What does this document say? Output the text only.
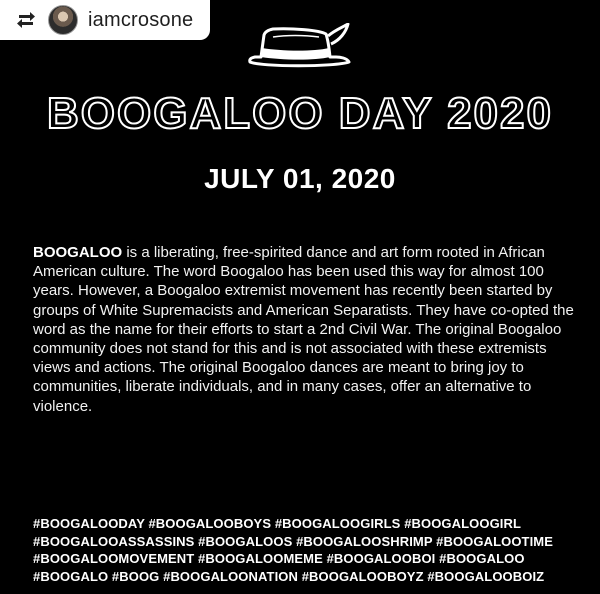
iamcrosone
BOOGALOO DAY 2020
JULY 01, 2020

BOOGALOO is a liberating, free-spirited dance and art form rooted in African American culture. The word Boogaloo has been used this way for almost 100 years. However, a Boogaloo extremist movement has recently been started by groups of White Supremacists and American Separatists. They have co-opted the word as the name for their efforts to start a 2nd Civil War. The original Boogaloo community does not stand for this and is not associated with these extremists views and actions. The original Boogaloo dances are meant to bring joy to communities, liberate individuals, and in many cases, offer an alternative to violence.

#BOOGALOODAY #BOOGALOOBOYS #BOOGALOOGIRLS #BOOGALOOGIRL #BOOGALOOASSASSINS #BOOGALOOS #BOOGALOOSHRIMP #BOOGALOOTIME #BOOGALOOMOVEMENT #BOOGALOOMEME #BOOGALOOBOI #BOOGALOO #BOOGALO #BOOG #BOOGALOONATION #BOOGALOOBOYZ #BOOGALOOBOIZ
